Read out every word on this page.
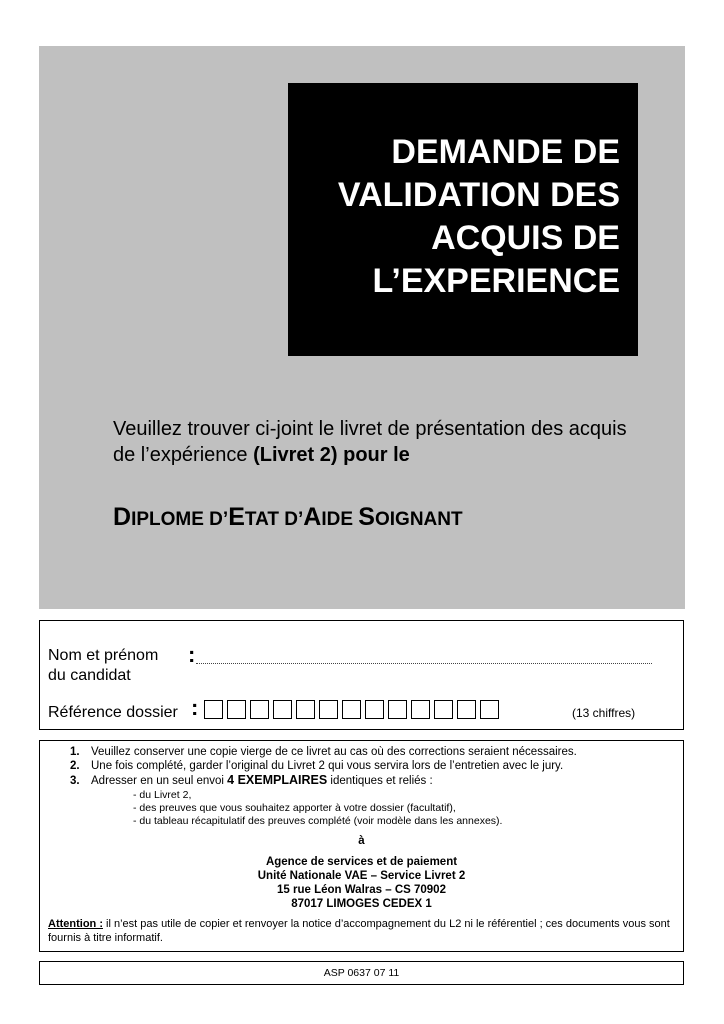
DEMANDE DE
VALIDATION DES
ACQUIS DE
L’EXPERIENCE
Veuillez trouver ci-joint le livret de présentation des acquis de l’expérience (Livret 2) pour le
DIPLOME D’ETAT D’AIDE SOIGNANT
Nom et prénom
du candidat
:
Référence dossier :	(13 chiffres)
1. Veuillez conserver une copie vierge de ce livret au cas où des corrections seraient nécessaires.
2. Une fois complété, garder l’original du Livret 2 qui vous servira lors de l’entretien avec le jury.
3. Adresser en un seul envoi 4 EXEMPLAIRES identiques et reliés :
- du Livret 2,
- des preuves que vous souhaitez apporter à votre dossier (facultatif),
- du tableau récapitulatif des preuves complété (voir modèle dans les annexes).
à
Agence de services et de paiement
Unité Nationale VAE – Service Livret 2
15 rue Léon Walras – CS 70902
87017 LIMOGES CEDEX 1
Attention : il n’est pas utile de copier et renvoyer la notice d’accompagnement du L2 ni le référentiel ; ces documents vous sont fournis à titre informatif.
ASP 0637 07 11
